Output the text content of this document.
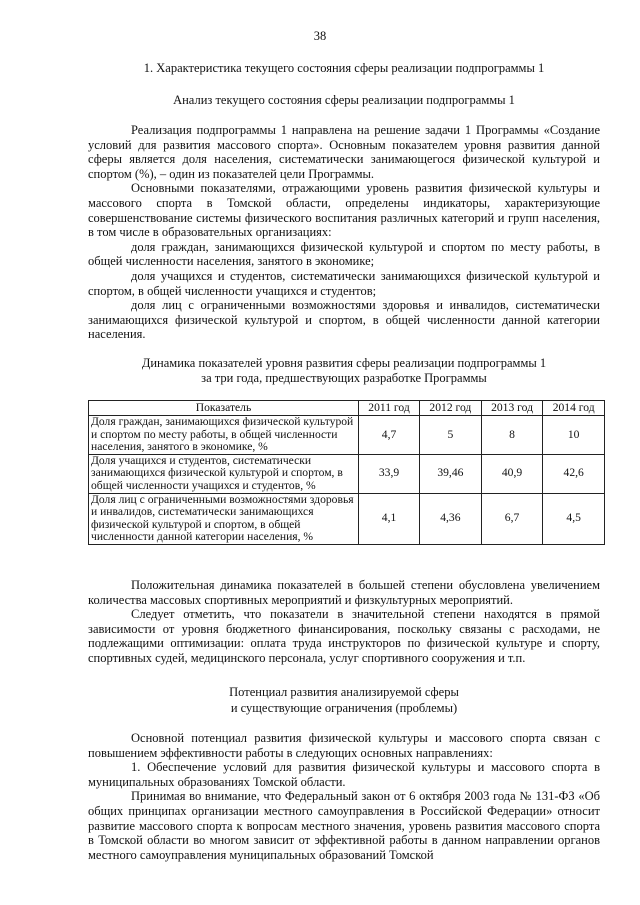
38
1. Характеристика текущего состояния сферы реализации подпрограммы 1
Анализ текущего состояния сферы реализации подпрограммы 1

Реализация подпрограммы 1 направлена на решение задачи 1 Программы «Создание условий для развития массового спорта». Основным показателем уровня развития данной сферы является доля населения, систематически занимающегося физической культурой и спортом (%), – один из показателей цели Программы.

Основными показателями, отражающими уровень развития физической культуры и массового спорта в Томской области, определены индикаторы, характеризующие совершенствование системы физического воспитания различных категорий и групп населения, в том числе в образовательных организациях:

доля граждан, занимающихся физической культурой и спортом по месту работы, в общей численности населения, занятого в экономике;

доля учащихся и студентов, систематически занимающихся физической культурой и спортом, в общей численности учащихся и студентов;

доля лиц с ограниченными возможностями здоровья и инвалидов, систематически занимающихся физической культурой и спортом, в общей численности данной категории населения.

Динамика показателей уровня развития сферы реализации подпрограммы 1
за три года, предшествующих разработке Программы
Показатель	2011 год	2012 год	2013 год	2014 год
Доля граждан, занимающихся физической культурой и спортом по месту работы, в общей численности населения, занятого в экономике, %	4,7	5	8	10
Доля учащихся и студентов, систематически занимающихся физической культурой и спортом, в общей численности учащихся и студентов, %	33,9	39,46	40,9	42,6
Доля лиц с ограниченными возможностями здоровья и инвалидов, систематически занимающихся физической культурой и спортом, в общей численности данной категории населения, %	4,1	4,36	6,7	4,5

Положительная динамика показателей в большей степени обусловлена увеличением количества массовых спортивных мероприятий и физкультурных мероприятий.

Следует отметить, что показатели в значительной степени находятся в прямой зависимости от уровня бюджетного финансирования, поскольку связаны с расходами, не подлежащими оптимизации: оплата труда инструкторов по физической культуре и спорту, спортивных судей, медицинского персонала, услуг спортивного сооружения и т.п.

Потенциал развития анализируемой сферы
и существующие ограничения (проблемы)

Основной потенциал развития физической культуры и массового спорта связан с повышением эффективности работы в следующих основных направлениях:

1. Обеспечение условий для развития физической культуры и массового спорта в муниципальных образованиях Томской области.

Принимая во внимание, что Федеральный закон от 6 октября 2003 года № 131-ФЗ «Об общих принципах организации местного самоуправления в Российской Федерации» относит развитие массового спорта к вопросам местного значения, уровень развития массового спорта в Томской области во многом зависит от эффективной работы в данном направлении органов местного самоуправления муниципальных образований Томской
